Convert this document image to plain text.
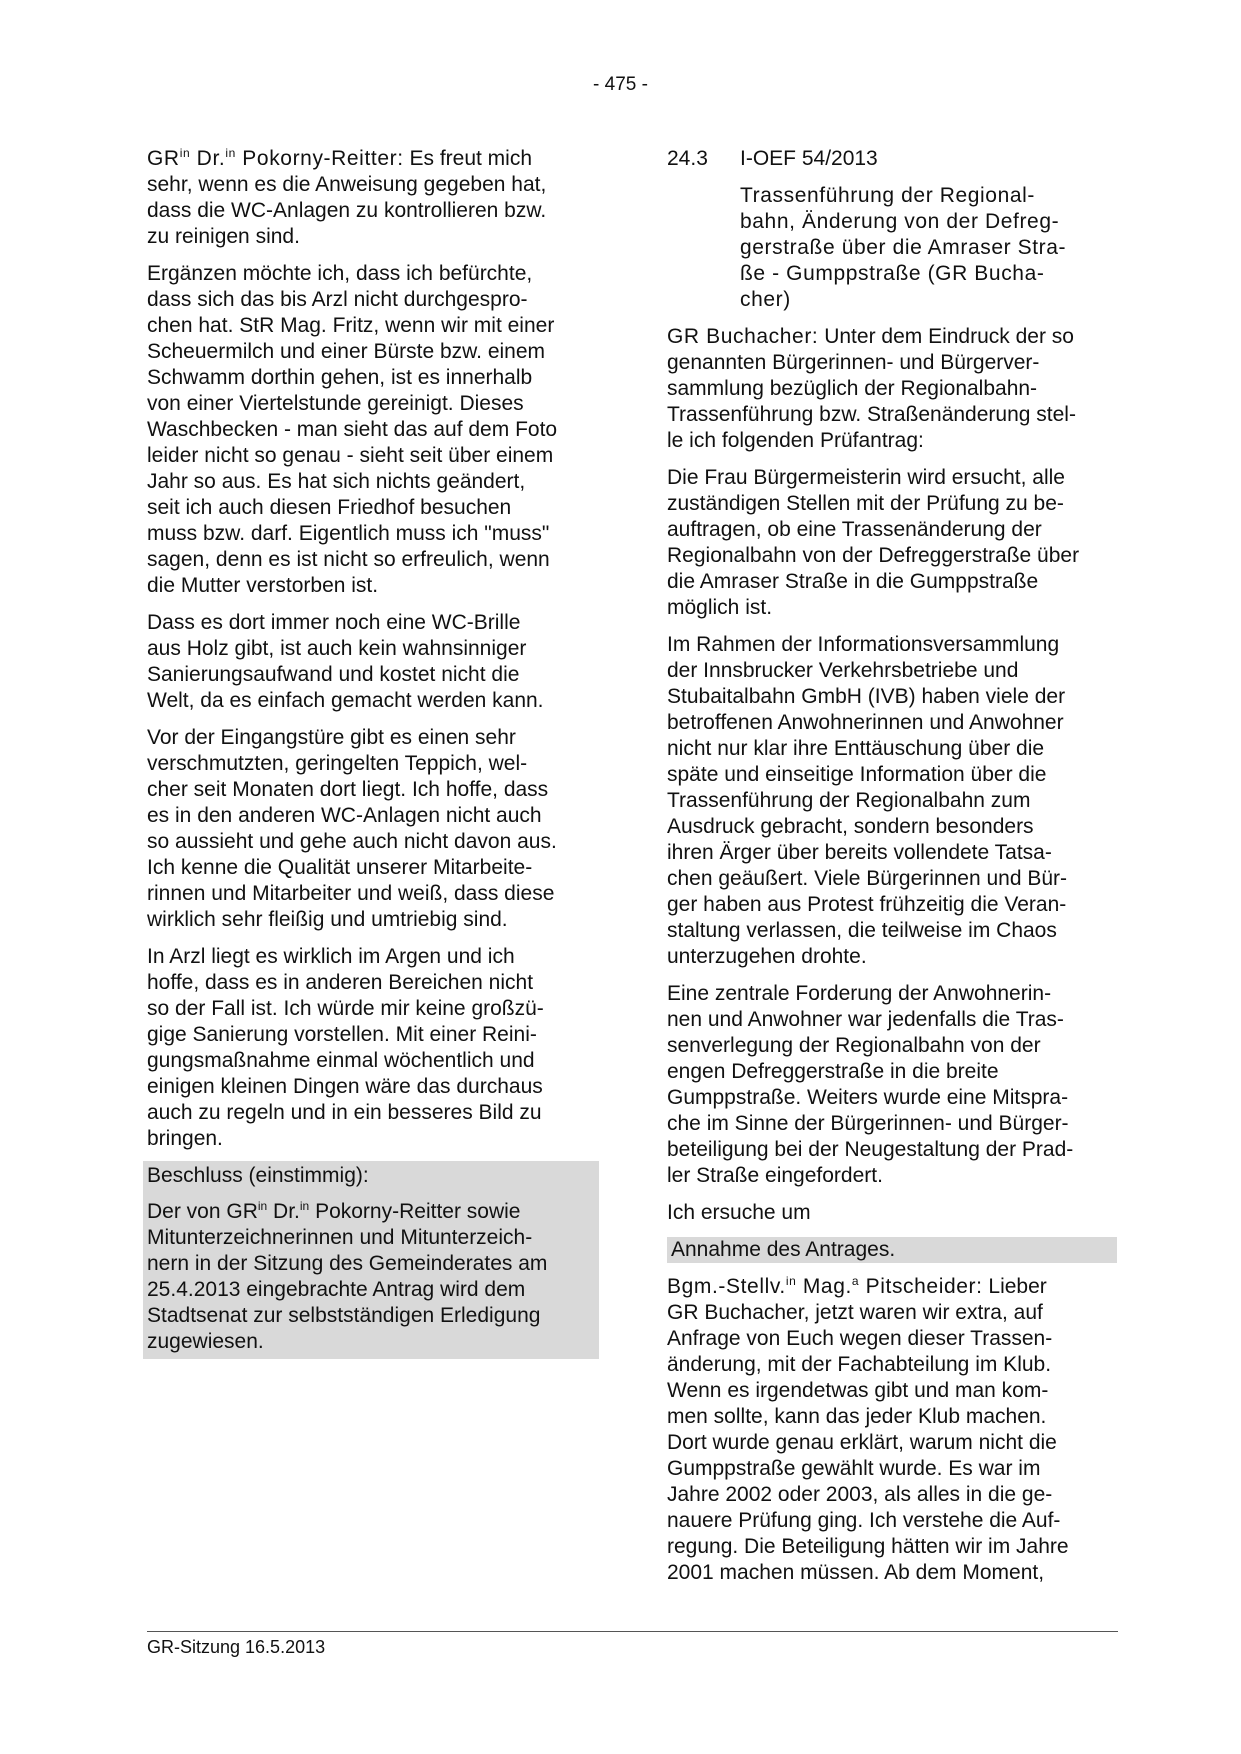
- 475 -

$GR^{in}$ Dr.$^{in}$ Pokorny-Reitter: Es freut mich
sehr, wenn es die Anweisung gegeben hat,
dass die WC-Anlagen zu kontrollieren bzw.
zu reinigen sind.

Ergänzen möchte ich, dass ich befürchte,
dass sich das bis Arzl nicht durchgespro-
chen hat. StR Mag. Fritz, wenn wir mit einer
Scheuermilch und einer Bürste bzw. einem
Schwamm dorthin gehen, ist es innerhalb
von einer Viertelstunde gereinigt. Dieses
Waschbecken - man sieht das auf dem Foto
leider nicht so genau - sieht seit über einem
Jahr so aus. Es hat sich nichts geändert,
seit ich auch diesen Friedhof besuchen
muss bzw. darf. Eigentlich muss ich "muss"
sagen, denn es ist nicht so erfreulich, wenn
die Mutter verstorben ist.

Dass es dort immer noch eine WC-Brille
aus Holz gibt, ist auch kein wahnsinniger
Sanierungsaufwand und kostet nicht die
Welt, da es einfach gemacht werden kann.

Vor der Eingangstüre gibt es einen sehr
verschmutzten, geringelten Teppich, wel-
cher seit Monaten dort liegt. Ich hoffe, dass
es in den anderen WC-Anlagen nicht auch
so aussieht und gehe auch nicht davon aus.
Ich kenne die Qualität unserer Mitarbeite-
rinnen und Mitarbeiter und weiß, dass diese
wirklich sehr fleißig und umtriebig sind.

In Arzl liegt es wirklich im Argen und ich
hoffe, dass es in anderen Bereichen nicht
so der Fall ist. Ich würde mir keine großzü-
gige Sanierung vorstellen. Mit einer Reini-
gungsmaßnahme einmal wöchentlich und
einigen kleinen Dingen wäre das durchaus
auch zu regeln und in ein besseres Bild zu
bringen.

Beschluss (einstimmig):

Der von $GR^{in}$ Dr.$^{in}$ Pokorny-Reitter sowie
Mitunterzeichnerinnen und Mitunterzeich-
nern in der Sitzung des Gemeinderates am
25.4.2013 eingebrachte Antrag wird dem
Stadtsenat zur selbstständigen Erledigung
zugewiesen.

24.3	I-OEF 54/2013
Trassenführung der Regional-
bahn, Änderung von der Defreg-
gerstraße über die Amraser Stra-
ße - Gumppstraße (GR Bucha-
cher)

GR Buchacher: Unter dem Eindruck der so
genannten Bürgerinnen- und Bürgerver-
sammlung bezüglich der Regionalbahn-
Trassenführung bzw. Straßenänderung stel-
le ich folgenden Prüfantrag:

Die Frau Bürgermeisterin wird ersucht, alle
zuständigen Stellen mit der Prüfung zu be-
auftragen, ob eine Trassenänderung der
Regionalbahn von der Defreggerstraße über
die Amraser Straße in die Gumppstraße
möglich ist.

Im Rahmen der Informationsversammlung
der Innsbrucker Verkehrsbetriebe und
Stubaitalbahn GmbH (IVB) haben viele der
betroffenen Anwohnerinnen und Anwohner
nicht nur klar ihre Enttäuschung über die
späte und einseitige Information über die
Trassenführung der Regionalbahn zum
Ausdruck gebracht, sondern besonders
ihren Ärger über bereits vollendete Tatsa-
chen geäußert. Viele Bürgerinnen und Bür-
ger haben aus Protest frühzeitig die Veran-
staltung verlassen, die teilweise im Chaos
unterzugehen drohte.

Eine zentrale Forderung der Anwohnerin-
nen und Anwohner war jedenfalls die Tras-
senverlegung der Regionalbahn von der
engen Defreggerstraße in die breite
Gumppstraße. Weiters wurde eine Mitspra-
che im Sinne der Bürgerinnen- und Bürger-
beteiligung bei der Neugestaltung der Prad-
ler Straße eingefordert.

Ich ersuche um

Annahme des Antrages.

Bgm.-Stellv.$^{in}$ Mag.$^a$ Pitscheider: Lieber
GR Buchacher, jetzt waren wir extra, auf
Anfrage von Euch wegen dieser Trassen-
änderung, mit der Fachabteilung im Klub.
Wenn es irgendetwas gibt und man kom-
men sollte, kann das jeder Klub machen.
Dort wurde genau erklärt, warum nicht die
Gumppstraße gewählt wurde. Es war im
Jahre 2002 oder 2003, als alles in die ge-
nauere Prüfung ging. Ich verstehe die Auf-
regung. Die Beteiligung hätten wir im Jahre
2001 machen müssen. Ab dem Moment,

GR-Sitzung 16.5.2013
